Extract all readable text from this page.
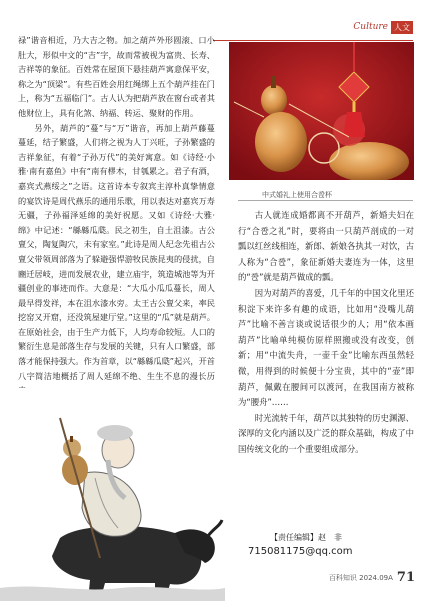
Culture 人文

禄”谐音相近，乃大吉之物。加之葫芦外形圆滚、口小肚大，形似中文的“吉”字，故而常被视为富贵、长寿、吉祥等的象征。百姓常在屋顶下悬挂葫芦寓意保平安，称之为“顶梁”。有些百姓会用红绳绑上五个葫芦挂在门上，称为“五福临门”。古人认为把葫芦放在窗台或者其他财位上，具有化煞、纳福、转运、聚财的作用。

另外，葫芦的“蔓”与“万”谐音，再加上葫芦藤蔓蔓延，结子繁盛，人们将之视为人丁兴旺，子孙繁盛的吉祥象征，有着“子孙万代”的美好寓意。如《诗经·小雅·南有嘉鱼》中有“南有樛木，甘瓠累之。君子有酒，嘉宾式燕绥之”之语。这首诗本专叙宾主淳朴真挚情意的宴饮诗是周代燕乐的通用乐歌，用以表达对嘉宾万寿无疆，子孙福泽延绵的美好祝愿。又如《诗经·大雅·绵》中记述：“緜緜瓜瓞。民之初生，自土沮漆。古公亶父，陶复陶穴，未有家室。”此诗是周人纪念先祖古公亶父带领周部落为了躲避强悍游牧民族昆夷的侵扰，自豳迁居岐，进而发展农业，建立庙宇，筑造城池等为开疆创业的事迹而作。大意是：“大瓜小瓜瓜蔓长，周人最早得发祥，本在沮水漆水旁。太王古公亶父来，率民挖窑又开窟，还没筑屋建厅堂。”这里的“瓜”就是葫芦。在原始社会，由于生产力低下，人均寿命较短。人口的繁衍生息是部落生存与发展的关键，只有人口繁盛，部落才能保持强大。作为首章，以“緜緜瓜瓞”起兴，开首八字简洁地概括了周人延绵不绝、生生不息的漫长历

中式婚礼上使用合卺杯

古人就连成婚都离不开葫芦，新婚夫妇在行“合卺之礼”时，要将由一只葫芦剖成的一对瓢以红丝线相连，新郎、新娘各执其一对饮，古人称为“合卺”，象征新婚夫妻连为一体，这里的“卺”就是葫芦做成的瓢。

因为对葫芦的喜爱，几千年的中国文化里还积淀下来许多有趣的成语，比如用“没嘴儿葫芦”比喻不善言谈或说话很少的人；用“依本画葫芦”比喻单纯模仿原样照搬或没有改变，创新；用“中流失舟，一壶千金”比喻东西虽然轻微，用得到的时候便十分宝贵，其中的“壶”即葫芦，佩戴在腰间可以渡河，在我国南方被称为“腰舟”……

时光流转千年，葫芦以其独特的历史渊源、深厚的文化内涵以及广泛的群众基础，构成了中国传统文化的一个重要组成部分。

【责任编辑】赵　非
715081175@qq.com
百科知识 2024.09A 71
